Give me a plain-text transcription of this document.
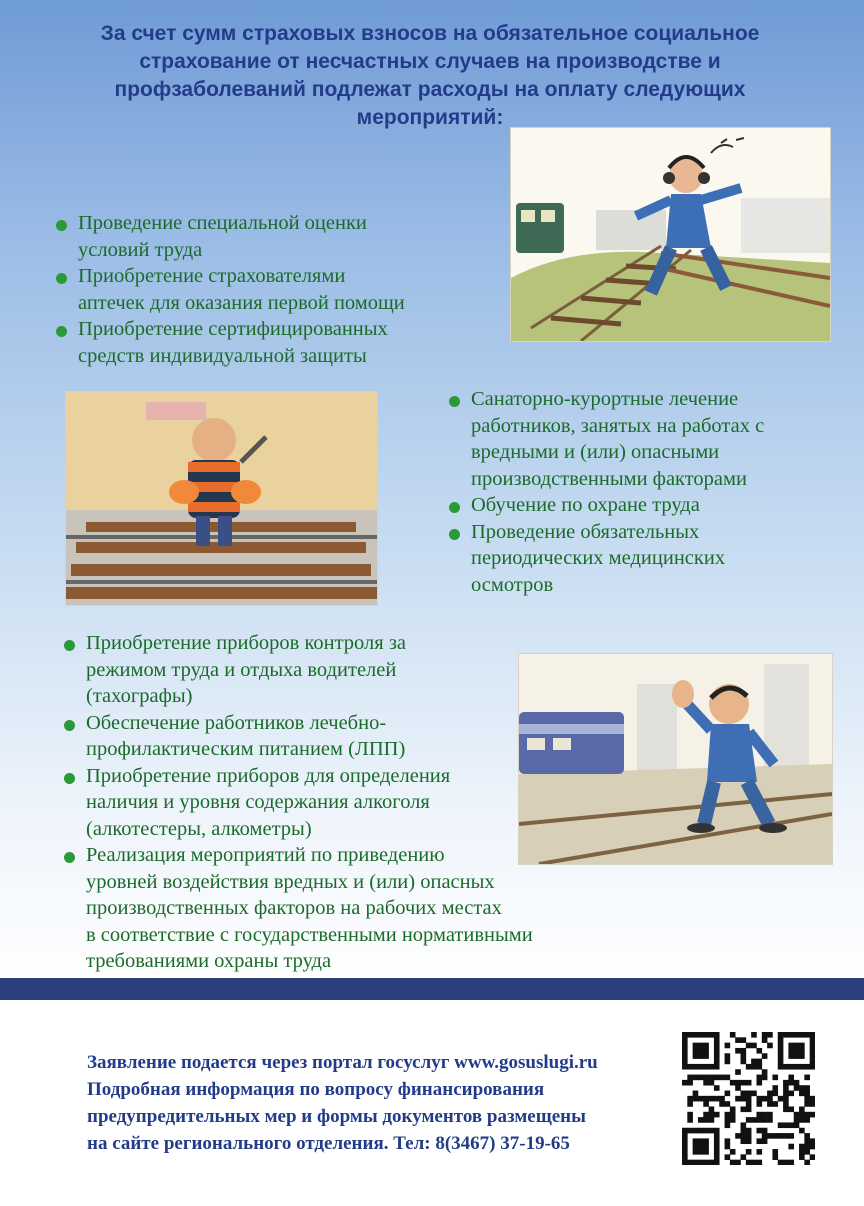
За счет сумм страховых взносов на обязательное социальное
страхование от несчастных случаев на производстве и
профзаболеваний подлежат расходы на оплату следующих
мероприятий:
Проведение специальной оценки
условий труда
Приобретение страхователями
аптечек для оказания первой помощи
Приобретение сертифицированных
средств индивидуальной защиты
Санаторно-курортные лечение
работников, занятых на работах с
вредными и (или) опасными
производственными факторами
Обучение по охране труда
Проведение обязательных
периодических медицинских
осмотров
Приобретение приборов контроля за
режимом труда и отдыха водителей
(тахографы)
Обеспечение работников лечебно-
профилактическим питанием (ЛПП)
Приобретение приборов для определения
наличия и уровня содержания алкоголя
(алкотестеры, алкометры)
Реализация мероприятий по приведению
уровней воздействия вредных и (или) опасных
производственных факторов на рабочих местах
в соответствие с государственными нормативными
требованиями охраны труда
Заявление подается через портал госуслуг www.gosuslugi.ru
Подробная информация по вопросу финансирования
предупредительных мер и формы документов размещены
на сайте регионального отделения. Тел: 8(3467) 37-19-65
